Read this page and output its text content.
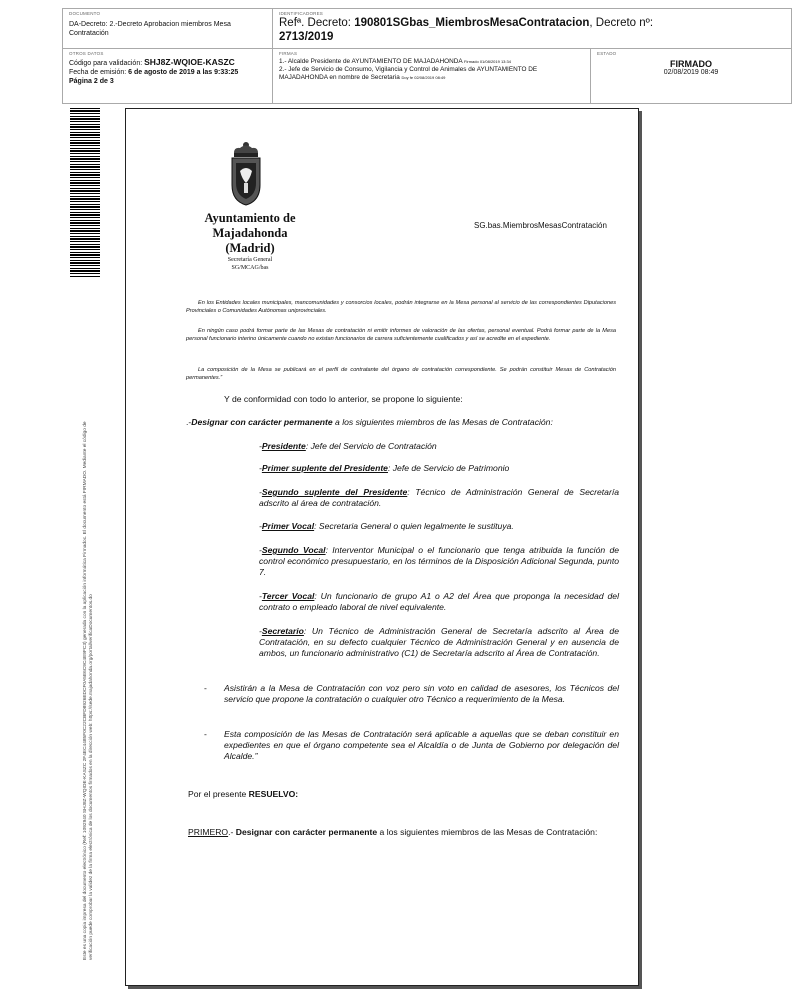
DOCUMENTO
DA-Decreto: 2.-Decreto Aprobacion miembros Mesa Contratación
IDENTIFICADORES
Refª. Decreto: 190801SGbas_MiembrosMesaContratacion, Decreto nº:
2713/2019
OTROS DATOS
Código para validación: SHJ8Z-WQIOE-KASZC
Fecha de emisión: 6 de agosto de 2019 a las 9:33:25
Página 2 de 3
FIRMAS
1.- Alcalde Presidente de AYUNTAMIENTO DE MAJADAHONDA Firmado 01/08/2019 13:34
2.- Jefe de Servicio de Consumo, Vigilancia y Control de Animales de AYUNTAMIENTO DE MAJADAHONDA en nombre de Secretaria Doy fe 02/08/2019 08:49
ESTADO
FIRMADO
02/08/2019 08:49
Este es una copia impresa del documento electrónico (Ref: 1092940 SHJ8Z-WQIOE-KASZC 2F4EC4485F0C22CBFD8926EDCF0A5E6C9C4E9FC3) generada con la aplicación informática Firmadoc. El documento está FIRMADO. Mediante el código de verificación puede comprobar la validez de la firma electrónica de los documentos firmados en la dirección web: https://sede.majadahonda.org/portal/verificaDocumentos.do
Ayuntamiento de Majadahonda (Madrid)
Secretaría General
SG/MCAG/bas
SG.bas.MiembrosMesasContratación
En los Entidades locales municipales, mancomunidades y consorcios locales, podrán integrarse en la Mesa personal al servicio de las correspondientes Diputaciones Provinciales o Comunidades Autónomas uniprovinciales.
En ningún caso podrá formar parte de las Mesas de contratación ni emitir informes de valoración de las ofertas, personal eventual. Podrá formar parte de la Mesa personal funcionario interino únicamente cuando no existan funcionarios de carrera suficientemente cualificados y así se acredite en el expediente.
La composición de la Mesa se publicará en el perfil de contratante del órgano de contratación correspondiente. Se podrán constituir Mesas de Contratación permanentes.”
Y de conformidad con todo lo anterior, se propone lo siguiente:
.-Designar con carácter permanente a los siguientes miembros de las Mesas de Contratación:
-Presidente: Jefe del Servicio de Contratación
-Primer suplente del Presidente: Jefe de Servicio de Patrimonio
-Segundo suplente del Presidente: Técnico de Administración General de Secretaría adscrito al área de contratación.
-Primer Vocal: Secretaria General o quien legalmente le sustituya.
-Segundo Vocal: Interventor Municipal o el funcionario que tenga atribuida la función de control económico presupuestario, en los términos de la Disposición Adicional Segunda, punto 7.
-Tercer Vocal: Un funcionario de grupo A1 o A2 del Área que proponga la necesidad del contrato o empleado laboral de nivel equivalente.
-Secretario: Un Técnico de Administración General de Secretaría adscrito al Área de Contratación, en su defecto cualquier Técnico de Administración General y en ausencia de ambos, un funcionario administrativo (C1) de Secretaría adscrito al Área de Contratación.
-	Asistirán a la Mesa de Contratación con voz pero sin voto en calidad de asesores, los Técnicos del servicio que propone la contratación o cualquier otro Técnico a requerimiento de la Mesa.
-	Esta composición de las Mesas de Contratación será aplicable a aquellas que se deban constituir en expedientes en que el órgano competente sea el Alcaldía o de Junta de Gobierno por delegación del Alcalde.”
Por el presente RESUELVO:
PRIMERO.- Designar con carácter permanente a los siguientes miembros de las Mesas de Contratación:
